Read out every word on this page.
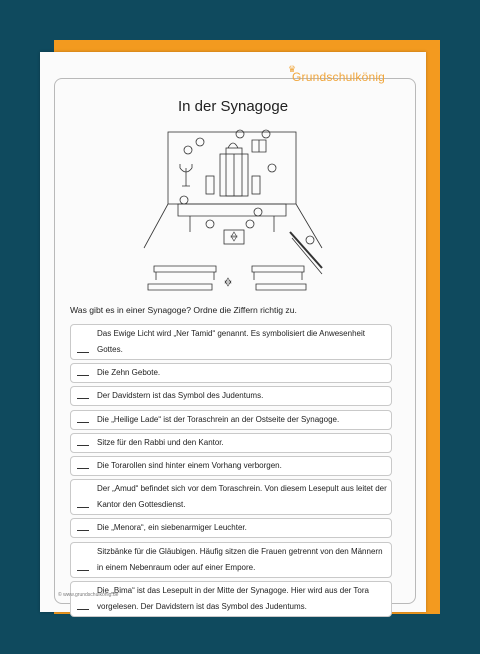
♛
Grundschulkönig
In der Synagoge
Was gibt es in einer Synagoge? Ordne die Ziffern richtig zu.
Das Ewige Licht wird „Ner Tamid“ genannt. Es symbolisiert die Anwesenheit Gottes.
Die Zehn Gebote.
Der Davidstern ist das Symbol des Judentums.
Die „Heilige Lade“ ist der Toraschrein an der Ostseite der Synagoge.
Sitze für den Rabbi und den Kantor.
Die Torarollen sind hinter einem Vorhang verborgen.
Der „Amud“ befindet sich vor dem Toraschrein. Von diesem Lesepult aus leitet der Kantor den Gottesdienst.
Die „Menora“, ein siebenarmiger Leuchter.
Sitzbänke für die Gläubigen. Häufig sitzen die Frauen getrennt von den Männern in einem Nebenraum oder auf einer Empore.
Die „Bima“ ist das Lesepult in der Mitte der Synagoge. Hier wird aus der Tora vorgelesen. Der Davidstern ist das Symbol des Judentums.
© www.grundschulkönig.de
